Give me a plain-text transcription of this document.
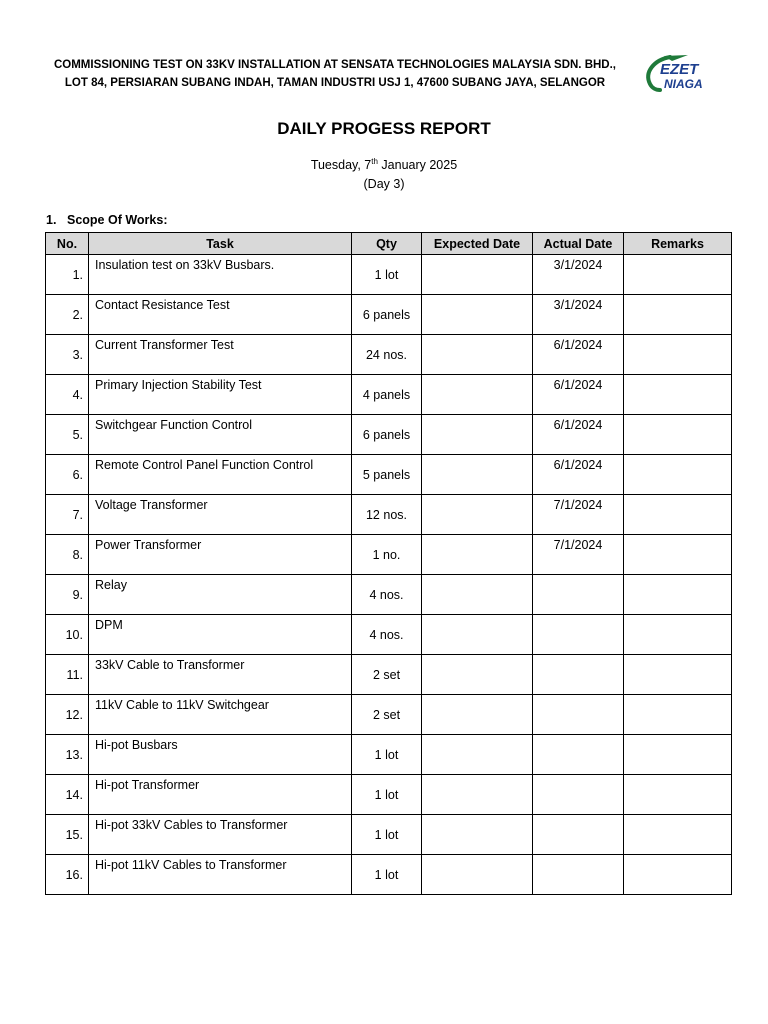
COMMISSIONING TEST ON 33KV INSTALLATION AT SENSATA TECHNOLOGIES MALAYSIA SDN. BHD.,
LOT 84, PERSIARAN SUBANG INDAH, TAMAN INDUSTRI USJ 1, 47600 SUBANG JAYA, SELANGOR
EZET
NIAGA
DAILY PROGESS REPORT
Tuesday, 7th January 2025
(Day 3)
1. Scope Of Works:
No.	Task	Qty	Expected Date	Actual Date	Remarks
1.	Insulation test on 33kV Busbars.	1 lot		3/1/2024	
2.	Contact Resistance Test	6 panels		3/1/2024	
3.	Current Transformer Test	24 nos.		6/1/2024	
4.	Primary Injection Stability Test	4 panels		6/1/2024	
5.	Switchgear Function Control	6 panels		6/1/2024	
6.	Remote Control Panel Function Control	5 panels		6/1/2024	
7.	Voltage Transformer	12 nos.		7/1/2024	
8.	Power Transformer	1 no.		7/1/2024	
9.	Relay	4 nos.			
10.	DPM	4 nos.			
11.	33kV Cable to Transformer	2 set			
12.	11kV Cable to 11kV Switchgear	2 set			
13.	Hi-pot Busbars	1 lot			
14.	Hi-pot Transformer	1 lot			
15.	Hi-pot 33kV Cables to Transformer	1 lot			
16.	Hi-pot 11kV Cables to Transformer	1 lot			
